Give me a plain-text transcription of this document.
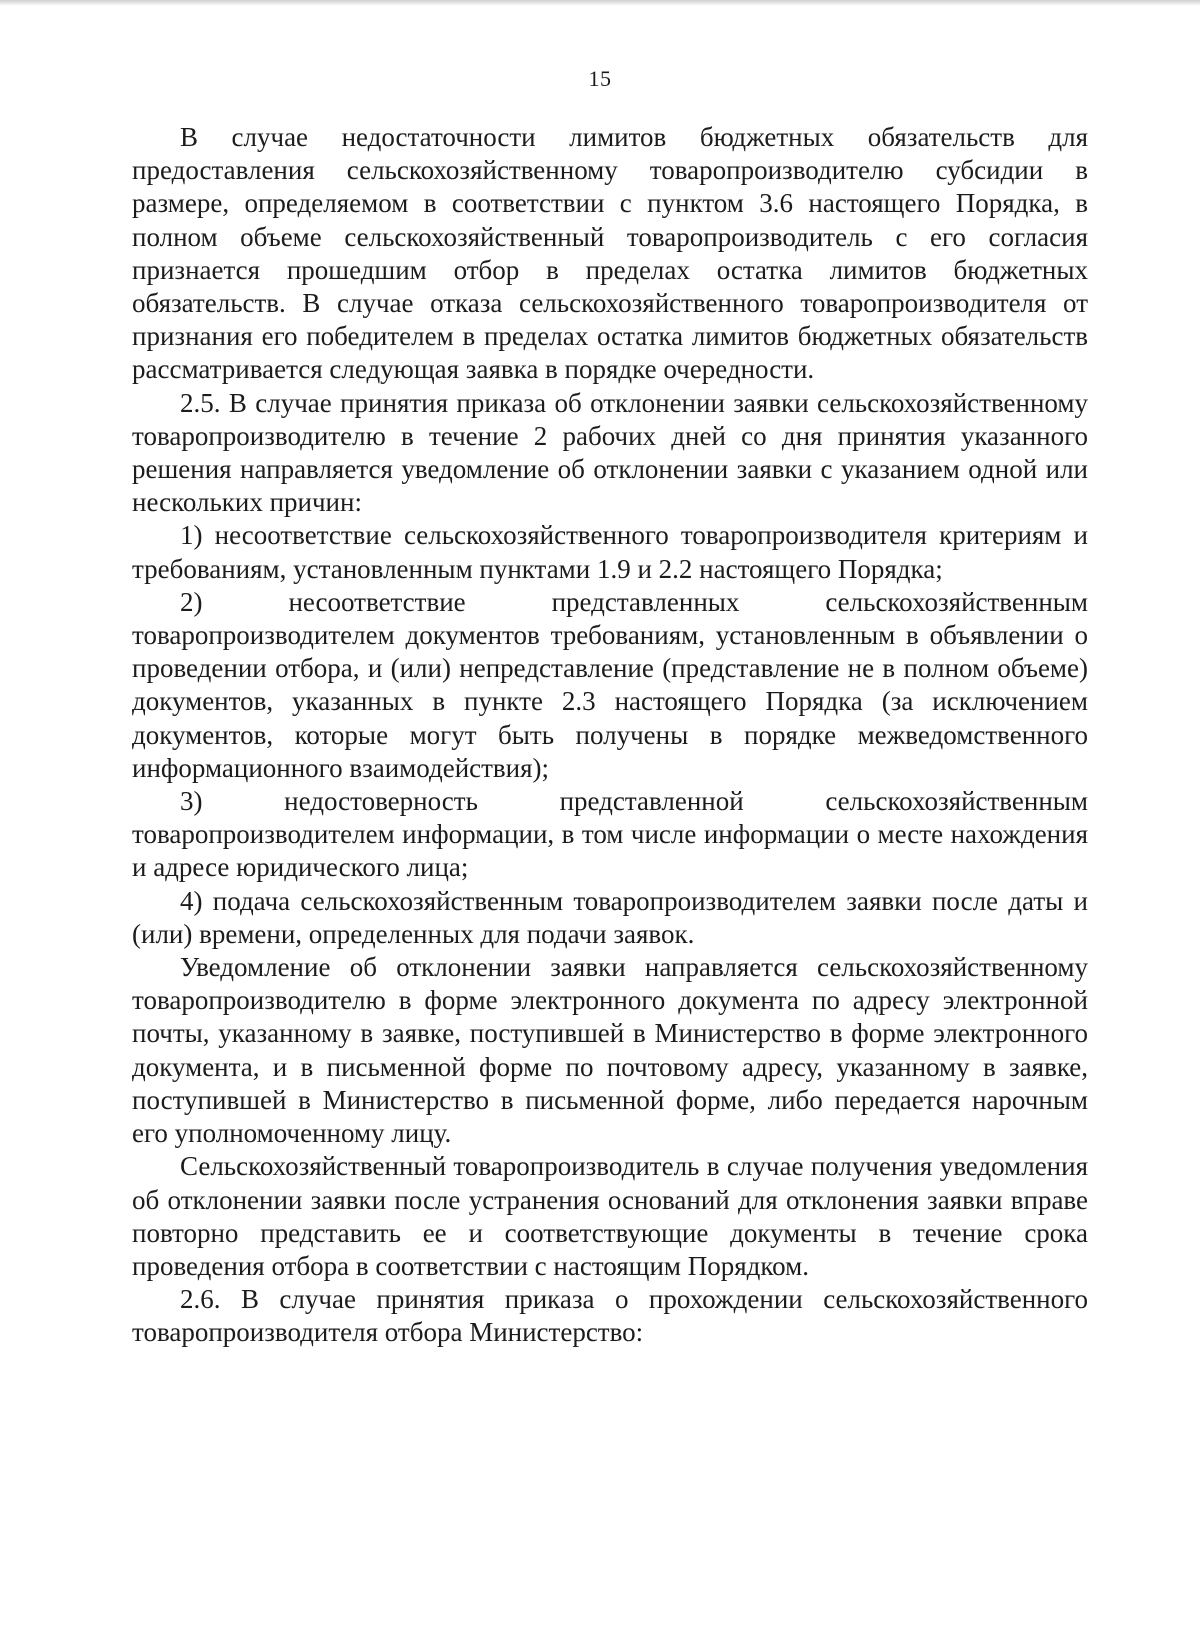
15

В случае недостаточности лимитов бюджетных обязательств для предоставления сельскохозяйственному товаропроизводителю субсидии в размере, определяемом в соответствии с пунктом 3.6 настоящего Порядка, в полном объеме сельскохозяйственный товаропроизводитель с его согласия признается прошедшим отбор в пределах остатка лимитов бюджетных обязательств. В случае отказа сельскохозяйственного товаропроизводителя от признания его победителем в пределах остатка лимитов бюджетных обязательств рассматривается следующая заявка в порядке очередности.

2.5. В случае принятия приказа об отклонении заявки сельскохозяйственному товаропроизводителю в течение 2 рабочих дней со дня принятия указанного решения направляется уведомление об отклонении заявки с указанием одной или нескольких причин:

1) несоответствие сельскохозяйственного товаропроизводителя критериям и требованиям, установленным пунктами 1.9 и 2.2 настоящего Порядка;

2) несоответствие представленных сельскохозяйственным товаропроизводителем документов требованиям, установленным в объявлении о проведении отбора, и (или) непредставление (представление не в полном объеме) документов, указанных в пункте 2.3 настоящего Порядка (за исключением документов, которые могут быть получены в порядке межведомственного информационного взаимодействия);

3) недостоверность представленной сельскохозяйственным товаропроизводителем информации, в том числе информации о месте нахождения и адресе юридического лица;

4) подача сельскохозяйственным товаропроизводителем заявки после даты и (или) времени, определенных для подачи заявок.

Уведомление об отклонении заявки направляется сельскохозяйственному товаропроизводителю в форме электронного документа по адресу электронной почты, указанному в заявке, поступившей в Министерство в форме электронного документа, и в письменной форме по почтовому адресу, указанному в заявке, поступившей в Министерство в письменной форме, либо передается нарочным его уполномоченному лицу.

Сельскохозяйственный товаропроизводитель в случае получения уведомления об отклонении заявки после устранения оснований для отклонения заявки вправе повторно представить ее и соответствующие документы в течение срока проведения отбора в соответствии с настоящим Порядком.

2.6. В случае принятия приказа о прохождении сельскохозяйственного товаропроизводителя отбора Министерство:
